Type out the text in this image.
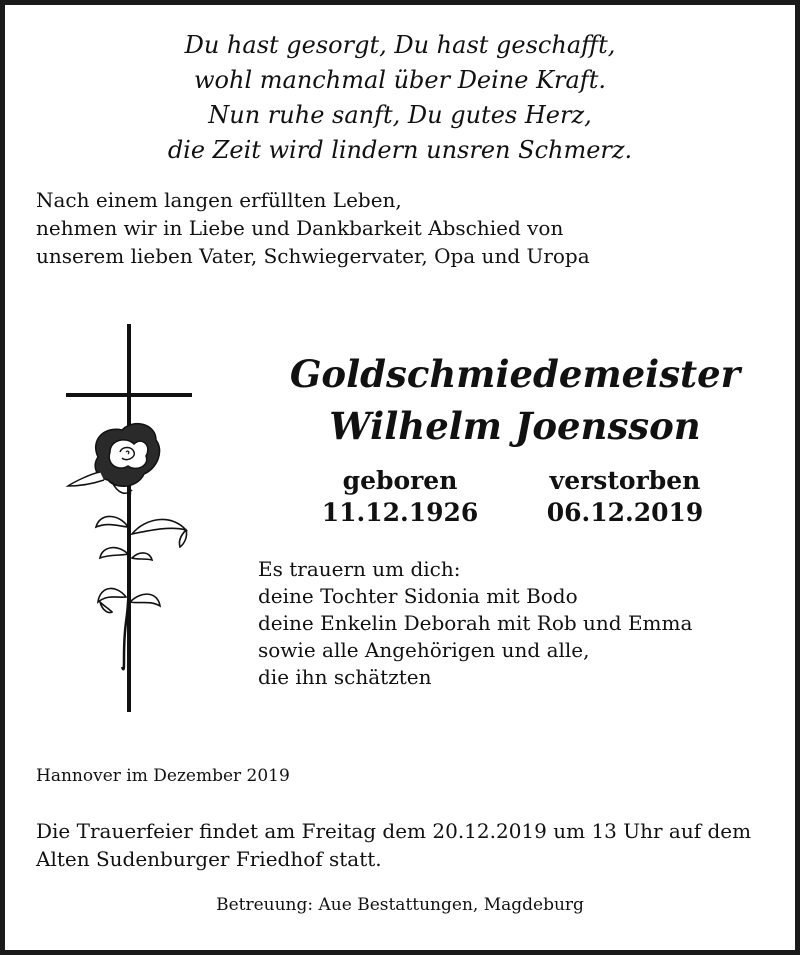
Du hast gesorgt, Du hast geschafft,
wohl manchmal über Deine Kraft.
Nun ruhe sanft, Du gutes Herz,
die Zeit wird lindern unsren Schmerz.
Nach einem langen erfüllten Leben,
nehmen wir in Liebe und Dankbarkeit Abschied von
unserem lieben Vater, Schwiegervater, Opa und Uropa
Goldschmiedemeister
Wilhelm Joensson
geboren
11.12.1926
verstorben
06.12.2019
Es trauern um dich:
deine Tochter Sidonia mit Bodo
deine Enkelin Deborah mit Rob und Emma
sowie alle Angehörigen und alle,
die ihn schätzten
Hannover im Dezember 2019
Die Trauerfeier findet am Freitag dem 20.12.2019 um 13 Uhr auf dem
Alten Sudenburger Friedhof statt.
Betreuung: Aue Bestattungen, Magdeburg
